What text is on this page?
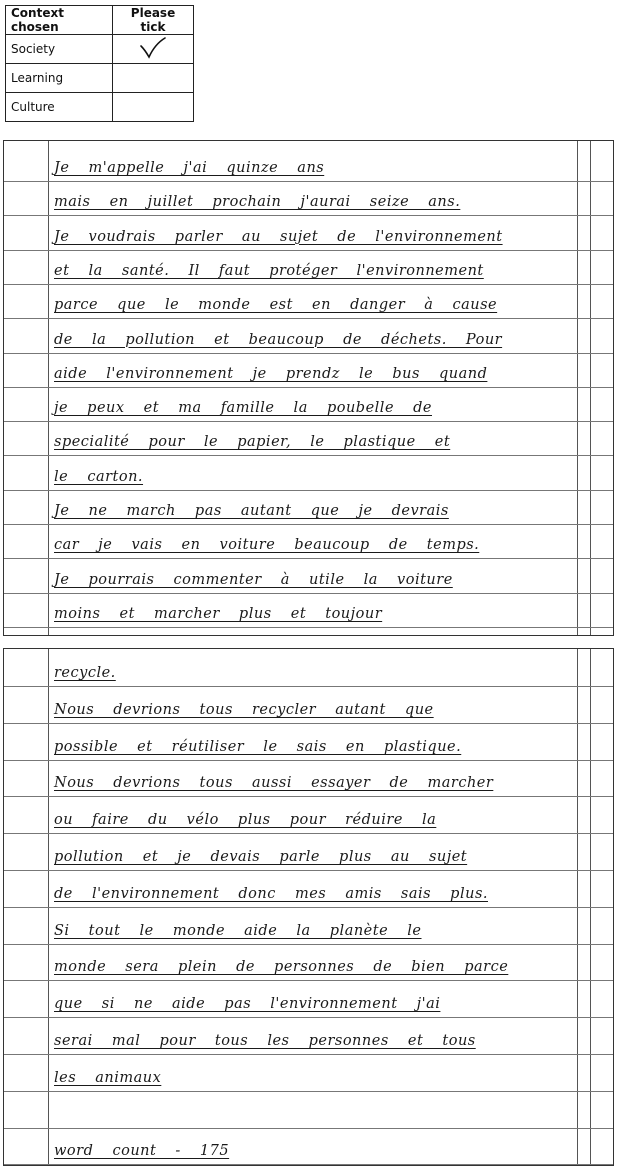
Context chosen	Please tick
Society	
Learning	
Culture	
Je m'appelle j'ai quinze ans
mais en juillet prochain j'aurai seize ans.
Je voudrais parler au sujet de l'environnement
et la santé. Il faut protéger l'environnement
parce que le monde est en danger à cause
de la pollution et beaucoup de déchets. Pour
aide l'environnement je prendz le bus quand
je peux et ma famille la poubelle de
specialité pour le papier, le plastique et
le carton.
Je ne march pas autant que je devrais
car je vais en voiture beaucoup de temps.
Je pourrais commenter à utile la voiture
moins et marcher plus et toujour
recycle.
Nous devrions tous recycler autant que
possible et réutiliser le sais en plastique.
Nous devrions tous aussi essayer de marcher
ou faire du vélo plus pour réduire la
pollution et je devais parle plus au sujet
de l'environnement donc mes amis sais plus.
Si tout le monde aide la planète le
monde sera plein de personnes de bien parce
que si ne aide pas l'environnement j'ai
serai mal pour tous les personnes et tous
les animaux
word count - 175
